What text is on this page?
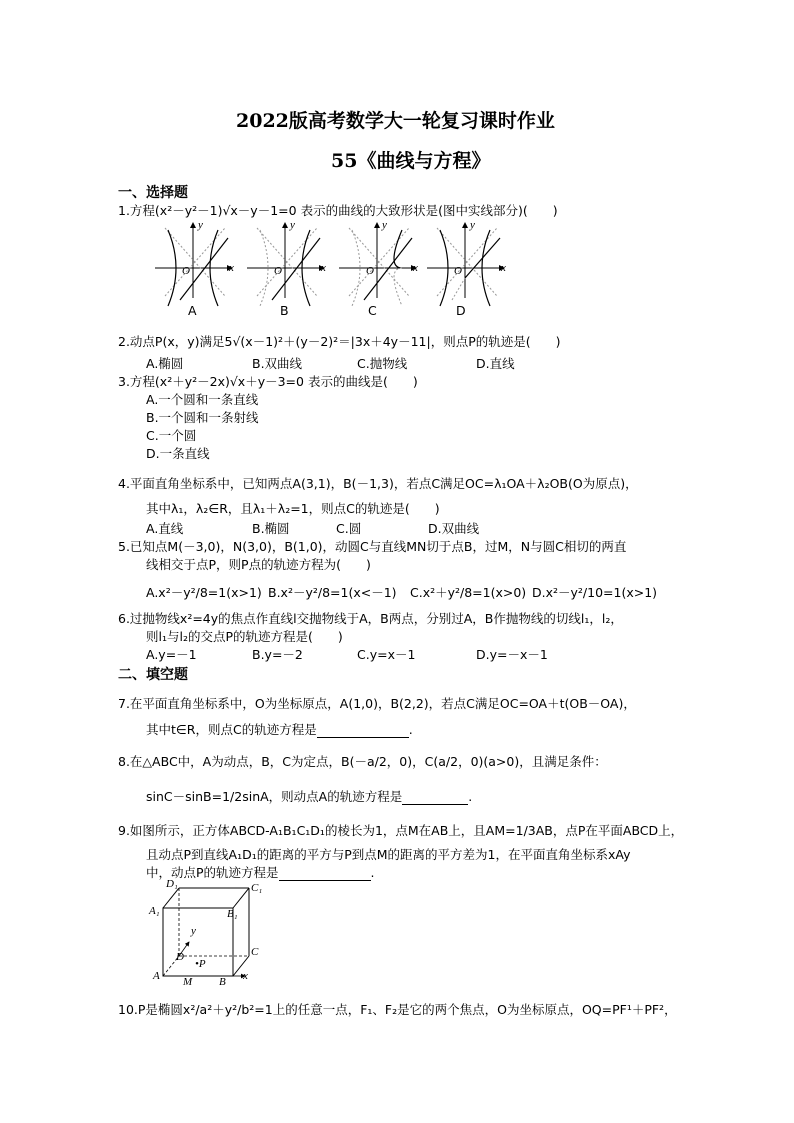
2022版高考数学大一轮复习课时作业
55《曲线与方程》
一、选择题
1.方程(x²－y²－1)√x－y－1=0 表示的曲线的大致形状是(图中实线部分)(　　)
y
x
O
y
x
O
y
x
O
y
x
O
A	B	C	D
2.动点P(x，y)满足5√(x－1)²＋(y－2)²＝|3x＋4y－11|，则点P的轨迹是(　　)
A.椭圆	B.双曲线	C.抛物线	D.直线
3.方程(x²＋y²－2x)√x＋y－3=0 表示的曲线是(　　)
A.一个圆和一条直线
B.一个圆和一条射线
C.一个圆
D.一条直线
4.平面直角坐标系中，已知两点A(3,1)，B(－1,3)，若点C满足OC=λ₁OA＋λ₂OB(O为原点)，
其中λ₁，λ₂∈R，且λ₁＋λ₂=1，则点C的轨迹是(　　)
A.直线	B.椭圆	C.圆	D.双曲线
5.已知点M(－3,0)，N(3,0)，B(1,0)，动圆C与直线MN切于点B，过M，N与圆C相切的两直
线相交于点P，则P点的轨迹方程为(　　)
A.x²－y²/8=1(x>1) B.x²－y²/8=1(x<－1) C.x²＋y²/8=1(x>0) D.x²－y²/10=1(x>1)
6.过抛物线x²=4y的焦点作直线l交抛物线于A，B两点，分别过A，B作抛物线的切线l₁，l₂，
则l₁与l₂的交点P的轨迹方程是(　　)
A.y=－1	B.y=－2	C.y=x－1	D.y=－x－1
二、填空题
7.在平面直角坐标系中，O为坐标原点，A(1,0)，B(2,2)，若点C满足OC=OA＋t(OB－OA)，
其中t∈R，则点C的轨迹方程是	.
8.在△ABC中，A为动点，B，C为定点，B(－a/2，0)，C(a/2，0)(a>0)，且满足条件：
sinC－sinB=1/2sinA，则动点A的轨迹方程是	.
9.如图所示，正方体ABCD-A₁B₁C₁D₁的棱长为1，点M在AB上，且AM=1/3AB，点P在平面ABCD上，
且动点P到直线A₁D₁的距离的平方与P到点M的距离的平方差为1，在平面直角坐标系xAy
中，动点P的轨迹方程是	.
D₁	C₁
A₁	B₁
y
C
D
•P
A M B x
10.P是椭圆x²/a²＋y²/b²=1上的任意一点，F₁、F₂是它的两个焦点，O为坐标原点，OQ=PF¹＋PF²，
